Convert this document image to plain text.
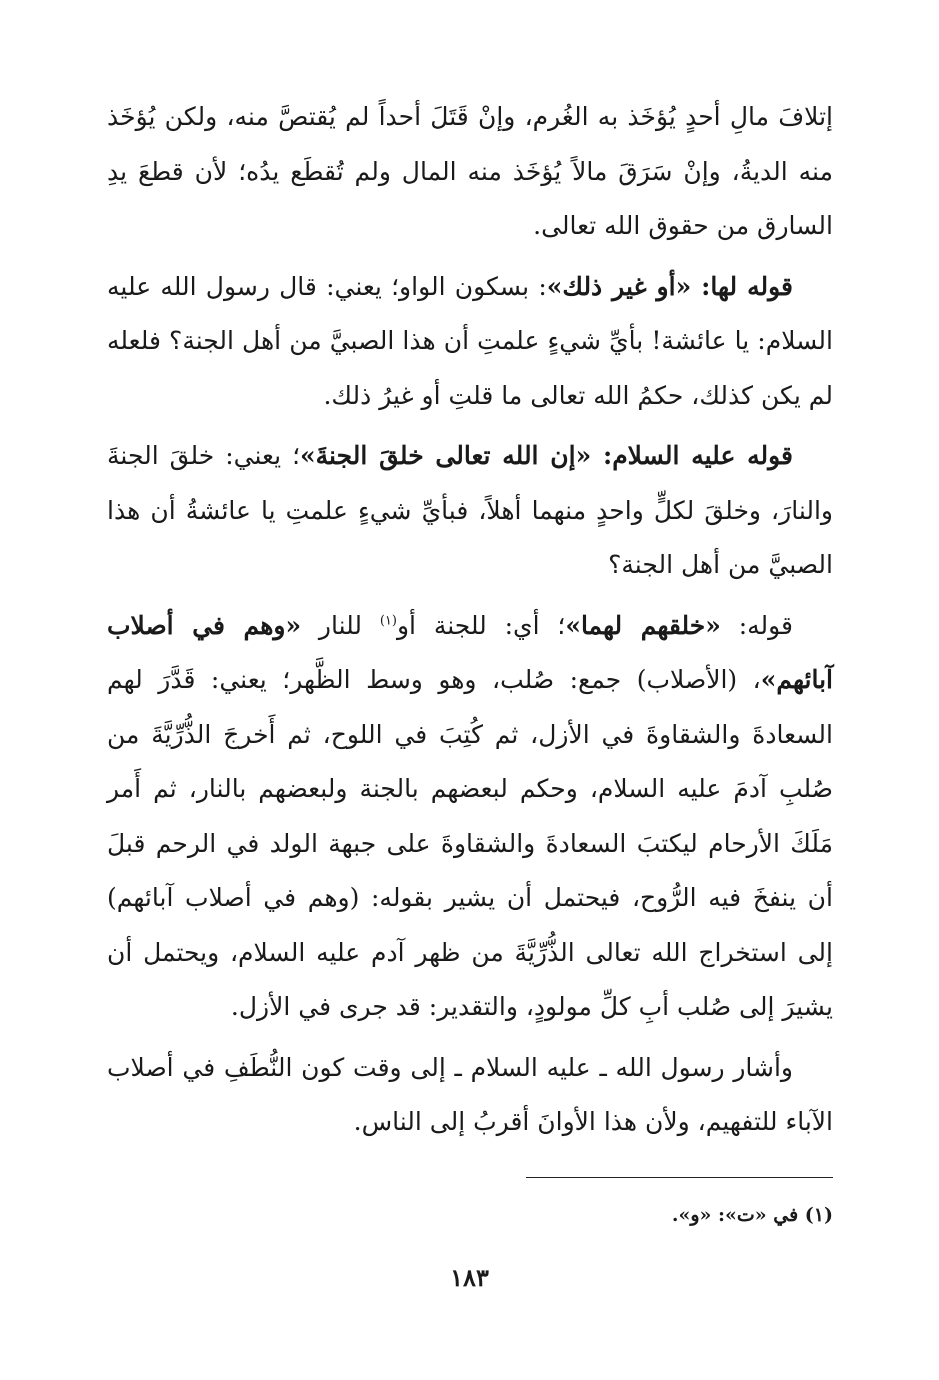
إتلافَ مالِ أحدٍ يُؤخَذ به الغُرم، وإنْ قَتَلَ أحداً لم يُقتصَّ منه، ولكن يُؤخَذ منه الديةُ، وإنْ سَرَقَ مالاً يُؤخَذ منه المال ولم تُقطَع يدُه؛ لأن قطعَ يدِ السارق من حقوق الله تعالى.

قوله لها: «أو غير ذلك»: بسكون الواو؛ يعني: قال رسول الله عليه السلام: يا عائشة! بأيِّ شيءٍ علمتِ أن هذا الصبيَّ من أهل الجنة؟ فلعله لم يكن كذلك، حكمُ الله تعالى ما قلتِ أو غيرُ ذلك.

قوله عليه السلام: «إن الله تعالى خلقَ الجنةَ»؛ يعني: خلقَ الجنةَ والنارَ، وخلقَ لكلٍّ واحدٍ منهما أهلاً، فبأيِّ شيءٍ علمتِ يا عائشةُ أن هذا الصبيَّ من أهل الجنة؟

قوله: «خلقهم لهما»؛ أي: للجنة أو$^{(١)}$ للنار «وهم في أصلاب آبائهم»، (الأصلاب) جمع: صُلب، وهو وسط الظَّهر؛ يعني: قَدَّرَ لهم السعادةَ والشقاوةَ في الأزل، ثم كُتِبَ في اللوح، ثم أَخرجَ الذُّرِّيَّةَ من صُلبِ آدمَ عليه السلام، وحكم لبعضهم بالجنة ولبعضهم بالنار، ثم أَمر مَلَكَ الأرحام ليكتبَ السعادةَ والشقاوةَ على جبهة الولد في الرحم قبلَ أن ينفخَ فيه الرُّوح، فيحتمل أن يشير بقوله: (وهم في أصلاب آبائهم) إلى استخراج الله تعالى الذُّرِّيَّةَ من ظهر آدم عليه السلام، ويحتمل أن يشيرَ إلى صُلب أبِ كلِّ مولودٍ، والتقدير: قد جرى في الأزل.

وأشار رسول الله ـ عليه السلام ـ إلى وقت كون النُّطَفِ في أصلاب الآباء للتفهيم، ولأن هذا الأوانَ أقربُ إلى الناس.

(١) في «ت»: «و».
١٨٣
